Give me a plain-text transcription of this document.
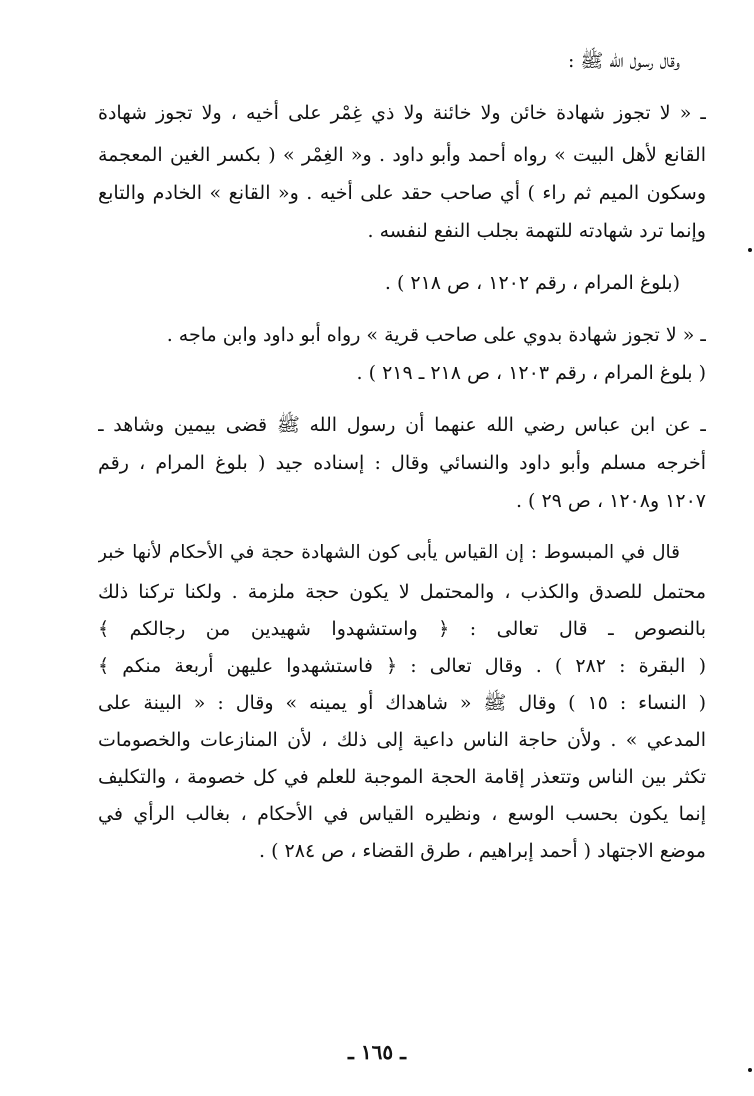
وقال رسول الله ﷺ :
ـ « لا تجوز شهادة خائن ولا خائنة ولا ذي غِمْر على أخيه ، ولا تجوز شهادة
القانع لأهل البيت » رواه أحمد وأبو داود . و« الغِمْر » ( بكسر الغين المعجمة
وسكون الميم ثم راء ) أي صاحب حقد على أخيه . و« القانع » الخادم والتابع
وإنما ترد شهادته للتهمة بجلب النفع لنفسه .
(بلوغ المرام ، رقم ١٢٠٢ ، ص ٢١٨ ) .
ـ « لا تجوز شهادة بدوي على صاحب قرية » رواه أبو داود وابن ماجه .
( بلوغ المرام ، رقم ١٢٠٣ ، ص ٢١٨ ـ ٢١٩ ) .
ـ عن ابن عباس رضي الله عنهما أن رسول الله ﷺ قضى بيمين وشاهد ـ
أخرجه مسلم وأبو داود والنسائي وقال : إسناده جيد ( بلوغ المرام ، رقم
١٢٠٧ و١٢٠٨ ، ص ٢٩ ) .
قال في المبسوط : إن القياس يأبى كون الشهادة حجة في الأحكام لأنها خبر
محتمل للصدق والكذب ، والمحتمل لا يكون حجة ملزمة . ولكنا تركنا ذلك
بالنصوص ـ قال تعالى : ﴿ واستشهدوا شهيدين من رجالكم ﴾
( البقرة : ٢٨٢ ) . وقال تعالى : ﴿ فاستشهدوا عليهن أربعة منكم ﴾
( النساء : ١٥ ) وقال ﷺ « شاهداك أو يمينه » وقال : « البينة على
المدعي » . ولأن حاجة الناس داعية إلى ذلك ، لأن المنازعات والخصومات
تكثر بين الناس وتتعذر إقامة الحجة الموجبة للعلم في كل خصومة ، والتكليف
إنما يكون بحسب الوسع ، ونظيره القياس في الأحكام ، بغالب الرأي في
موضع الاجتهاد ( أحمد إبراهيم ، طرق القضاء ، ص ٢٨٤ ) .
ـ ١٦٥ ـ
